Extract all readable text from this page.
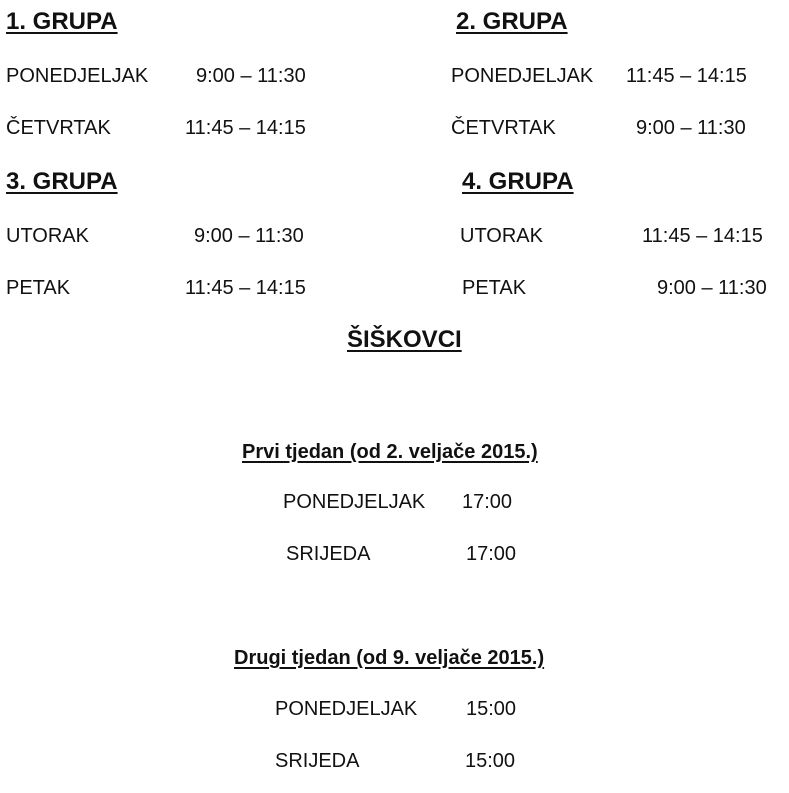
1. GRUPA
PONEDJELJAK 9:00 – 11:30
ČETVRTAK	11:45 – 14:15
2. GRUPA
PONEDJELJAK 11:45 – 14:15
ČETVRTAK	9:00 – 11:30
3. GRUPA
UTORAK	9:00 – 11:30
PETAK	11:45 – 14:15
4. GRUPA
UTORAK	11:45 – 14:15
PETAK	9:00 – 11:30
ŠIŠKOVCI
Prvi tjedan (od 2. veljače 2015.)
PONEDJELJAK 17:00
SRIJEDA	17:00
Drugi tjedan (od 9. veljače 2015.)
PONEDJELJAK 15:00
SRIJEDA	15:00
